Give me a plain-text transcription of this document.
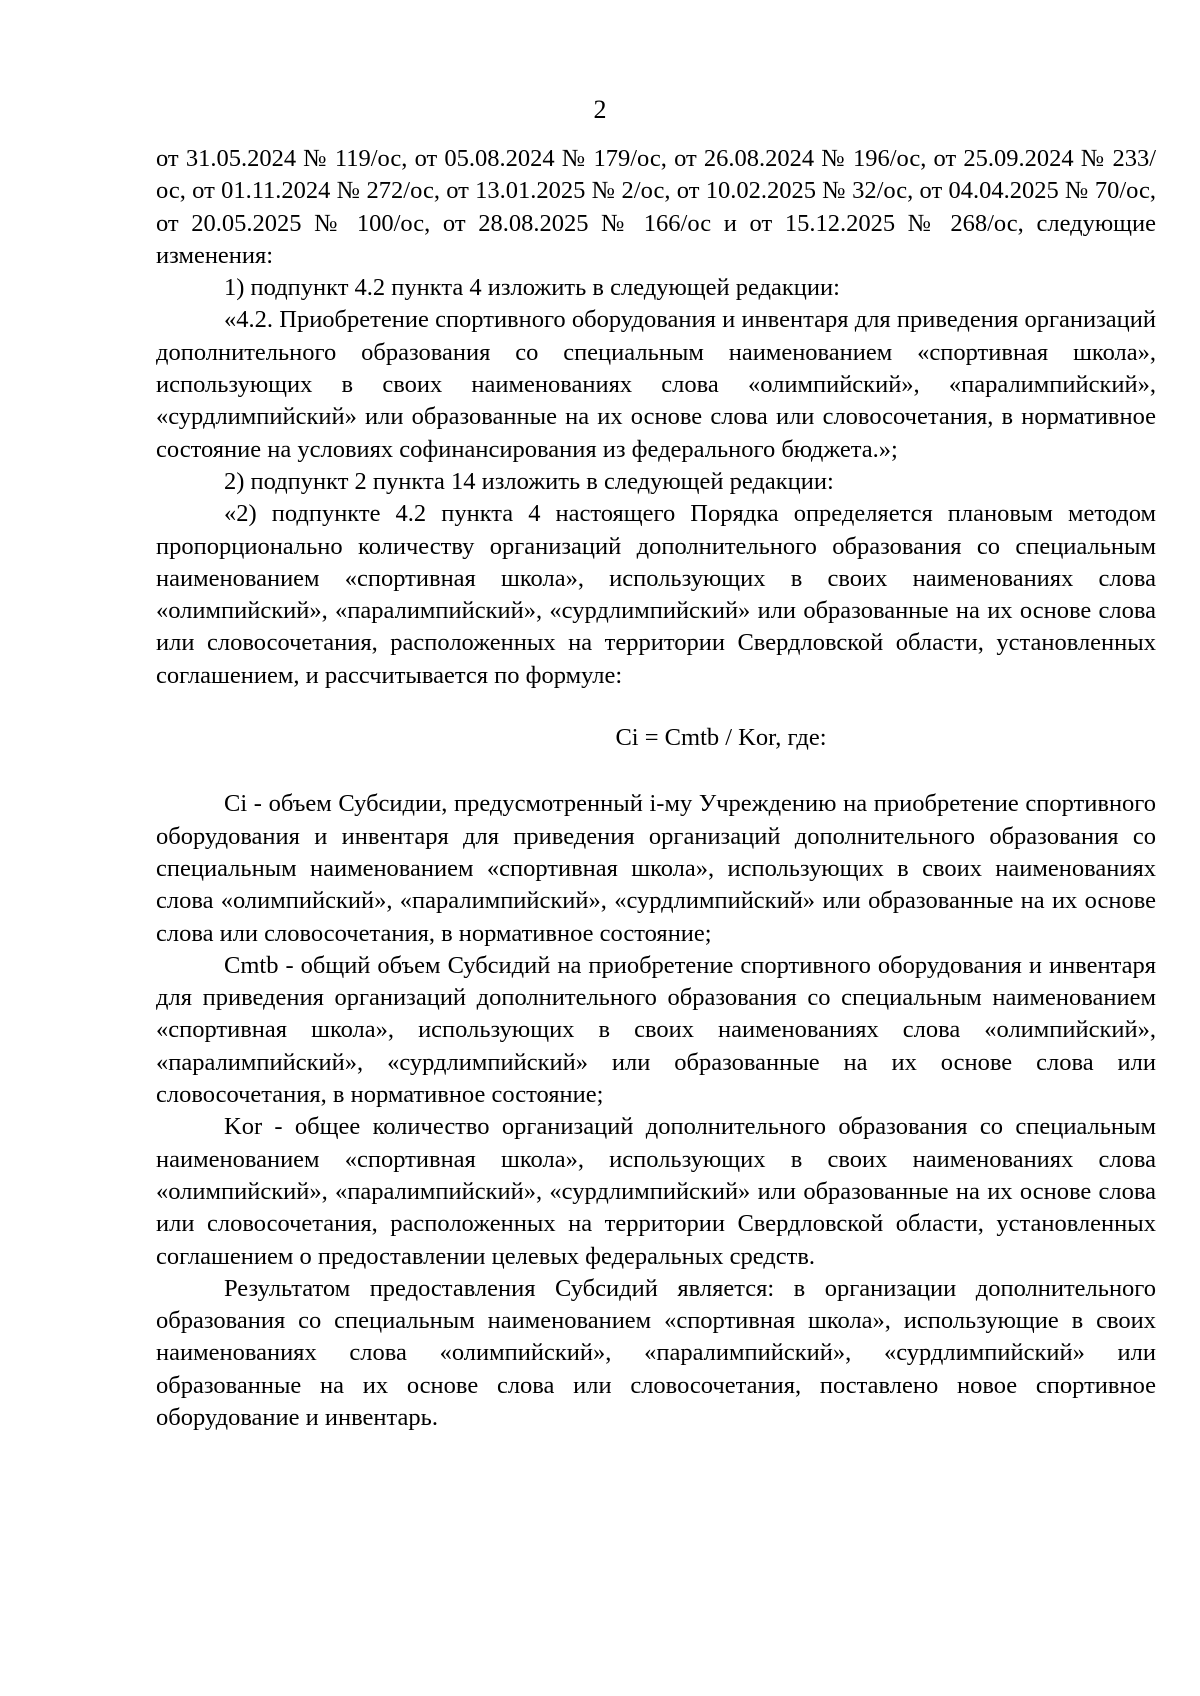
2

от 31.05.2024 № 119/ос, от 05.08.2024 № 179/ос, от 26.08.2024 № 196/ос, от 25.09.2024 № 233/ос, от 01.11.2024 № 272/ос, от 13.01.2025 № 2/ос, от 10.02.2025 № 32/ос, от 04.04.2025 № 70/ос, от 20.05.2025 № 100/ос, от 28.08.2025 № 166/ос и от 15.12.2025 № 268/ос, следующие изменения:

1) подпункт 4.2 пункта 4 изложить в следующей редакции:

«4.2. Приобретение спортивного оборудования и инвентаря для приведения организаций дополнительного образования со специальным наименованием «спортивная школа», использующих в своих наименованиях слова «олимпийский», «паралимпийский», «сурдлимпийский» или образованные на их основе слова или словосочетания, в нормативное состояние на условиях софинансирования из федерального бюджета.»;

2) подпункт 2 пункта 14 изложить в следующей редакции:

«2) подпункте 4.2 пункта 4 настоящего Порядка определяется плановым методом пропорционально количеству организаций дополнительного образования со специальным наименованием «спортивная школа», использующих в своих наименованиях слова «олимпийский», «паралимпийский», «сурдлимпийский» или образованные на их основе слова или словосочетания, расположенных на территории Свердловской области, установленных соглашением, и рассчитывается по формуле:

Ci = Cmtb / Kor, где:

Ci - объем Субсидии, предусмотренный i-му Учреждению на приобретение спортивного оборудования и инвентаря для приведения организаций дополнительного образования со специальным наименованием «спортивная школа», использующих в своих наименованиях слова «олимпийский», «паралимпийский», «сурдлимпийский» или образованные на их основе слова или словосочетания, в нормативное состояние;

Cmtb - общий объем Субсидий на приобретение спортивного оборудования и инвентаря для приведения организаций дополнительного образования со специальным наименованием «спортивная школа», использующих в своих наименованиях слова «олимпийский», «паралимпийский», «сурдлимпийский» или образованные на их основе слова или словосочетания, в нормативное состояние;

Kor - общее количество организаций дополнительного образования со специальным наименованием «спортивная школа», использующих в своих наименованиях слова «олимпийский», «паралимпийский», «сурдлимпийский» или образованные на их основе слова или словосочетания, расположенных на территории Свердловской области, установленных соглашением о предоставлении целевых федеральных средств.

Результатом предоставления Субсидий является: в организации дополнительного образования со специальным наименованием «спортивная школа», использующие в своих наименованиях слова «олимпийский», «паралимпийский», «сурдлимпийский» или образованные на их основе слова или словосочетания, поставлено новое спортивное оборудование и инвентарь.
